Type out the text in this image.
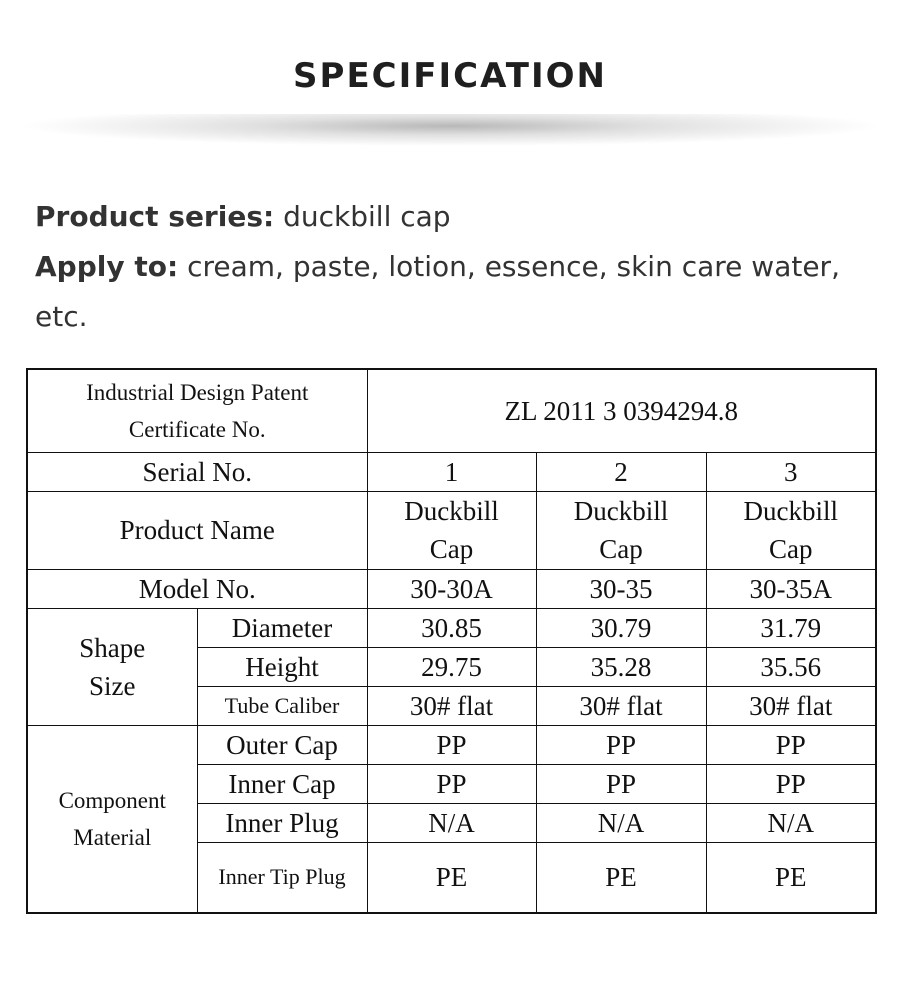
SPECIFICATION
Product series: duckbill cap
Apply to: cream, paste, lotion, essence, skin care water, etc.
Industrial Design Patent Certificate No.		ZL 2011 3 0394294.8		
Serial No.		1	2	3
Product Name		Duckbill Cap	Duckbill Cap	Duckbill Cap
Model No.		30-30A	30-35	30-35A
Shape Size	Diameter	30.85	30.79	31.79
	Height	29.75	35.28	35.56
	Tube Caliber	30# flat	30# flat	30# flat
Component Material	Outer Cap	PP	PP	PP
	Inner Cap	PP	PP	PP
	Inner Plug	N/A	N/A	N/A
	Inner Tip Plug	PE	PE	PE
